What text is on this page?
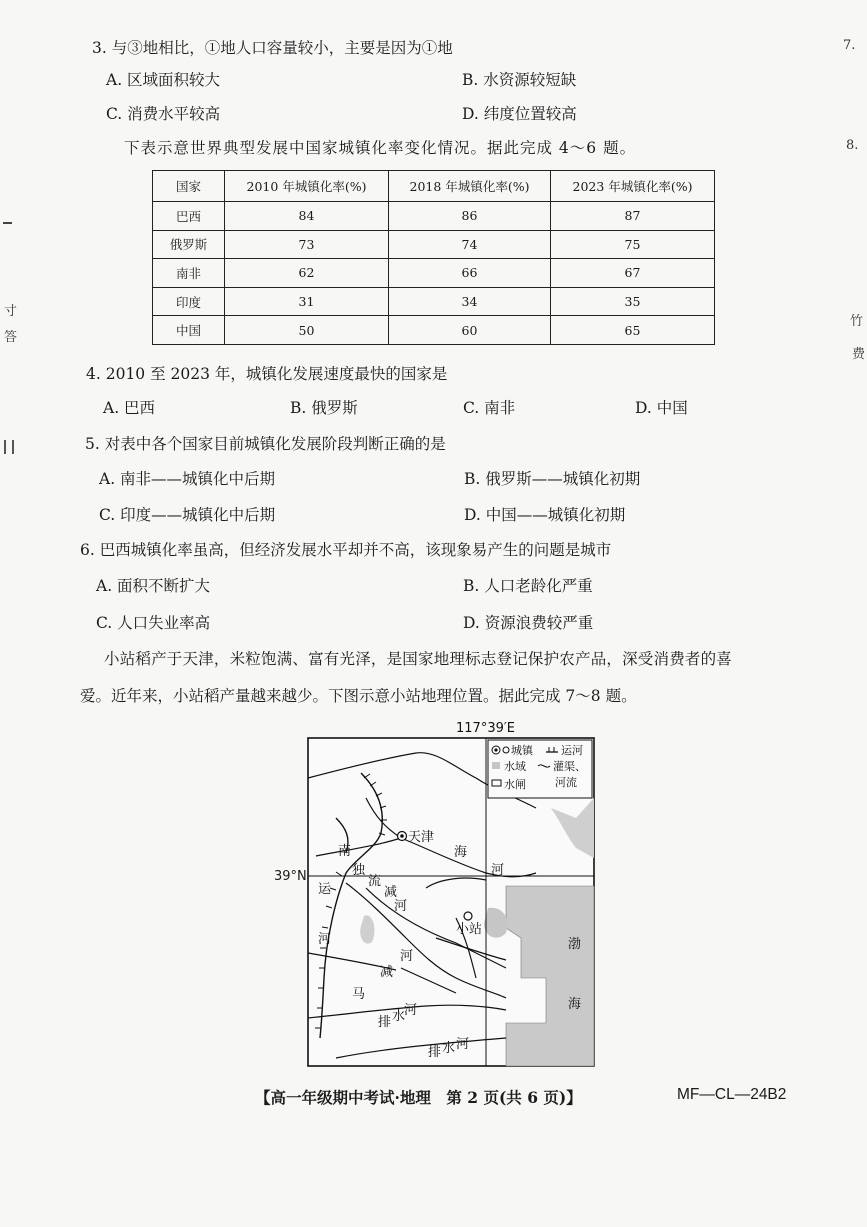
7.
8.
竹
费
寸
答
3. 与③地相比，①地人口容量较小，主要是因为①地
A. 区域面积较大	B. 水资源较短缺
C. 消费水平较高	D. 纬度位置较高
下表示意世界典型发展中国家城镇化率变化情况。据此完成 4～6 题。
国家	2010 年城镇化率(%)	2018 年城镇化率(%)	2023 年城镇化率(%)
巴西	84	86	87
俄罗斯	73	74	75
南非	62	66	67
印度	31	34	35
中国	50	60	65
4. 2010 至 2023 年，城镇化发展速度最快的国家是
A. 巴西	B. 俄罗斯	C. 南非	D. 中国
5. 对表中各个国家目前城镇化发展阶段判断正确的是
A. 南非——城镇化中后期	B. 俄罗斯——城镇化初期
C. 印度——城镇化中后期	D. 中国——城镇化初期
6. 巴西城镇化率虽高，但经济发展水平却并不高，该现象易产生的问题是城市
A. 面积不断扩大	B. 人口老龄化严重
C. 人口失业率高	D. 资源浪费较严重
小站稻产于天津，米粒饱满、富有光泽，是国家地理标志登记保护农产品，深受消费者的喜
爱。近年来，小站稻产量越来越少。下图示意小站地理位置。据此完成 7～8 题。
117°39′E
城镇	运河
水域 灌渠、
河流
水闸
天津
小站
南
运
河
海
河
独
流
减
河
马
减
河
排 水
河
排 水 河
渤
海
39°N
【高一年级期中考试·地理　第 2 页(共 6 页)】	MF—CL—24B2
